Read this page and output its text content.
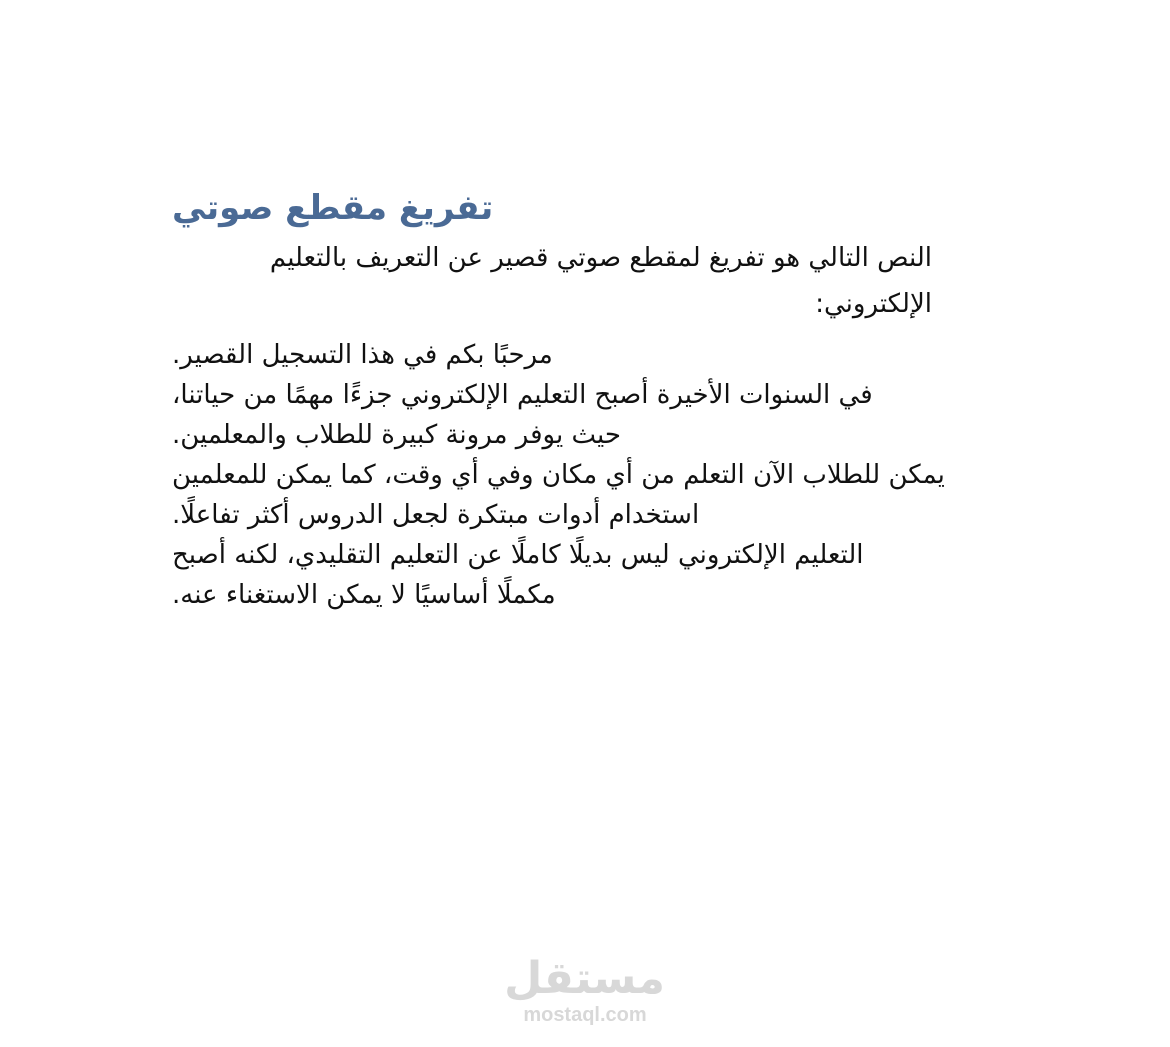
تفريغ مقطع صوتي
النص التالي هو تفريغ لمقطع صوتي قصير عن التعريف بالتعليم
الإلكتروني:
مرحبًا بكم في هذا التسجيل القصير.
في السنوات الأخيرة أصبح التعليم الإلكتروني جزءًا مهمًا من حياتنا،
حيث يوفر مرونة كبيرة للطلاب والمعلمين.
يمكن للطلاب الآن التعلم من أي مكان وفي أي وقت، كما يمكن للمعلمين
استخدام أدوات مبتكرة لجعل الدروس أكثر تفاعلًا.
التعليم الإلكتروني ليس بديلًا كاملًا عن التعليم التقليدي، لكنه أصبح
مكملًا أساسيًا لا يمكن الاستغناء عنه.
مستقل
mostaql.com
